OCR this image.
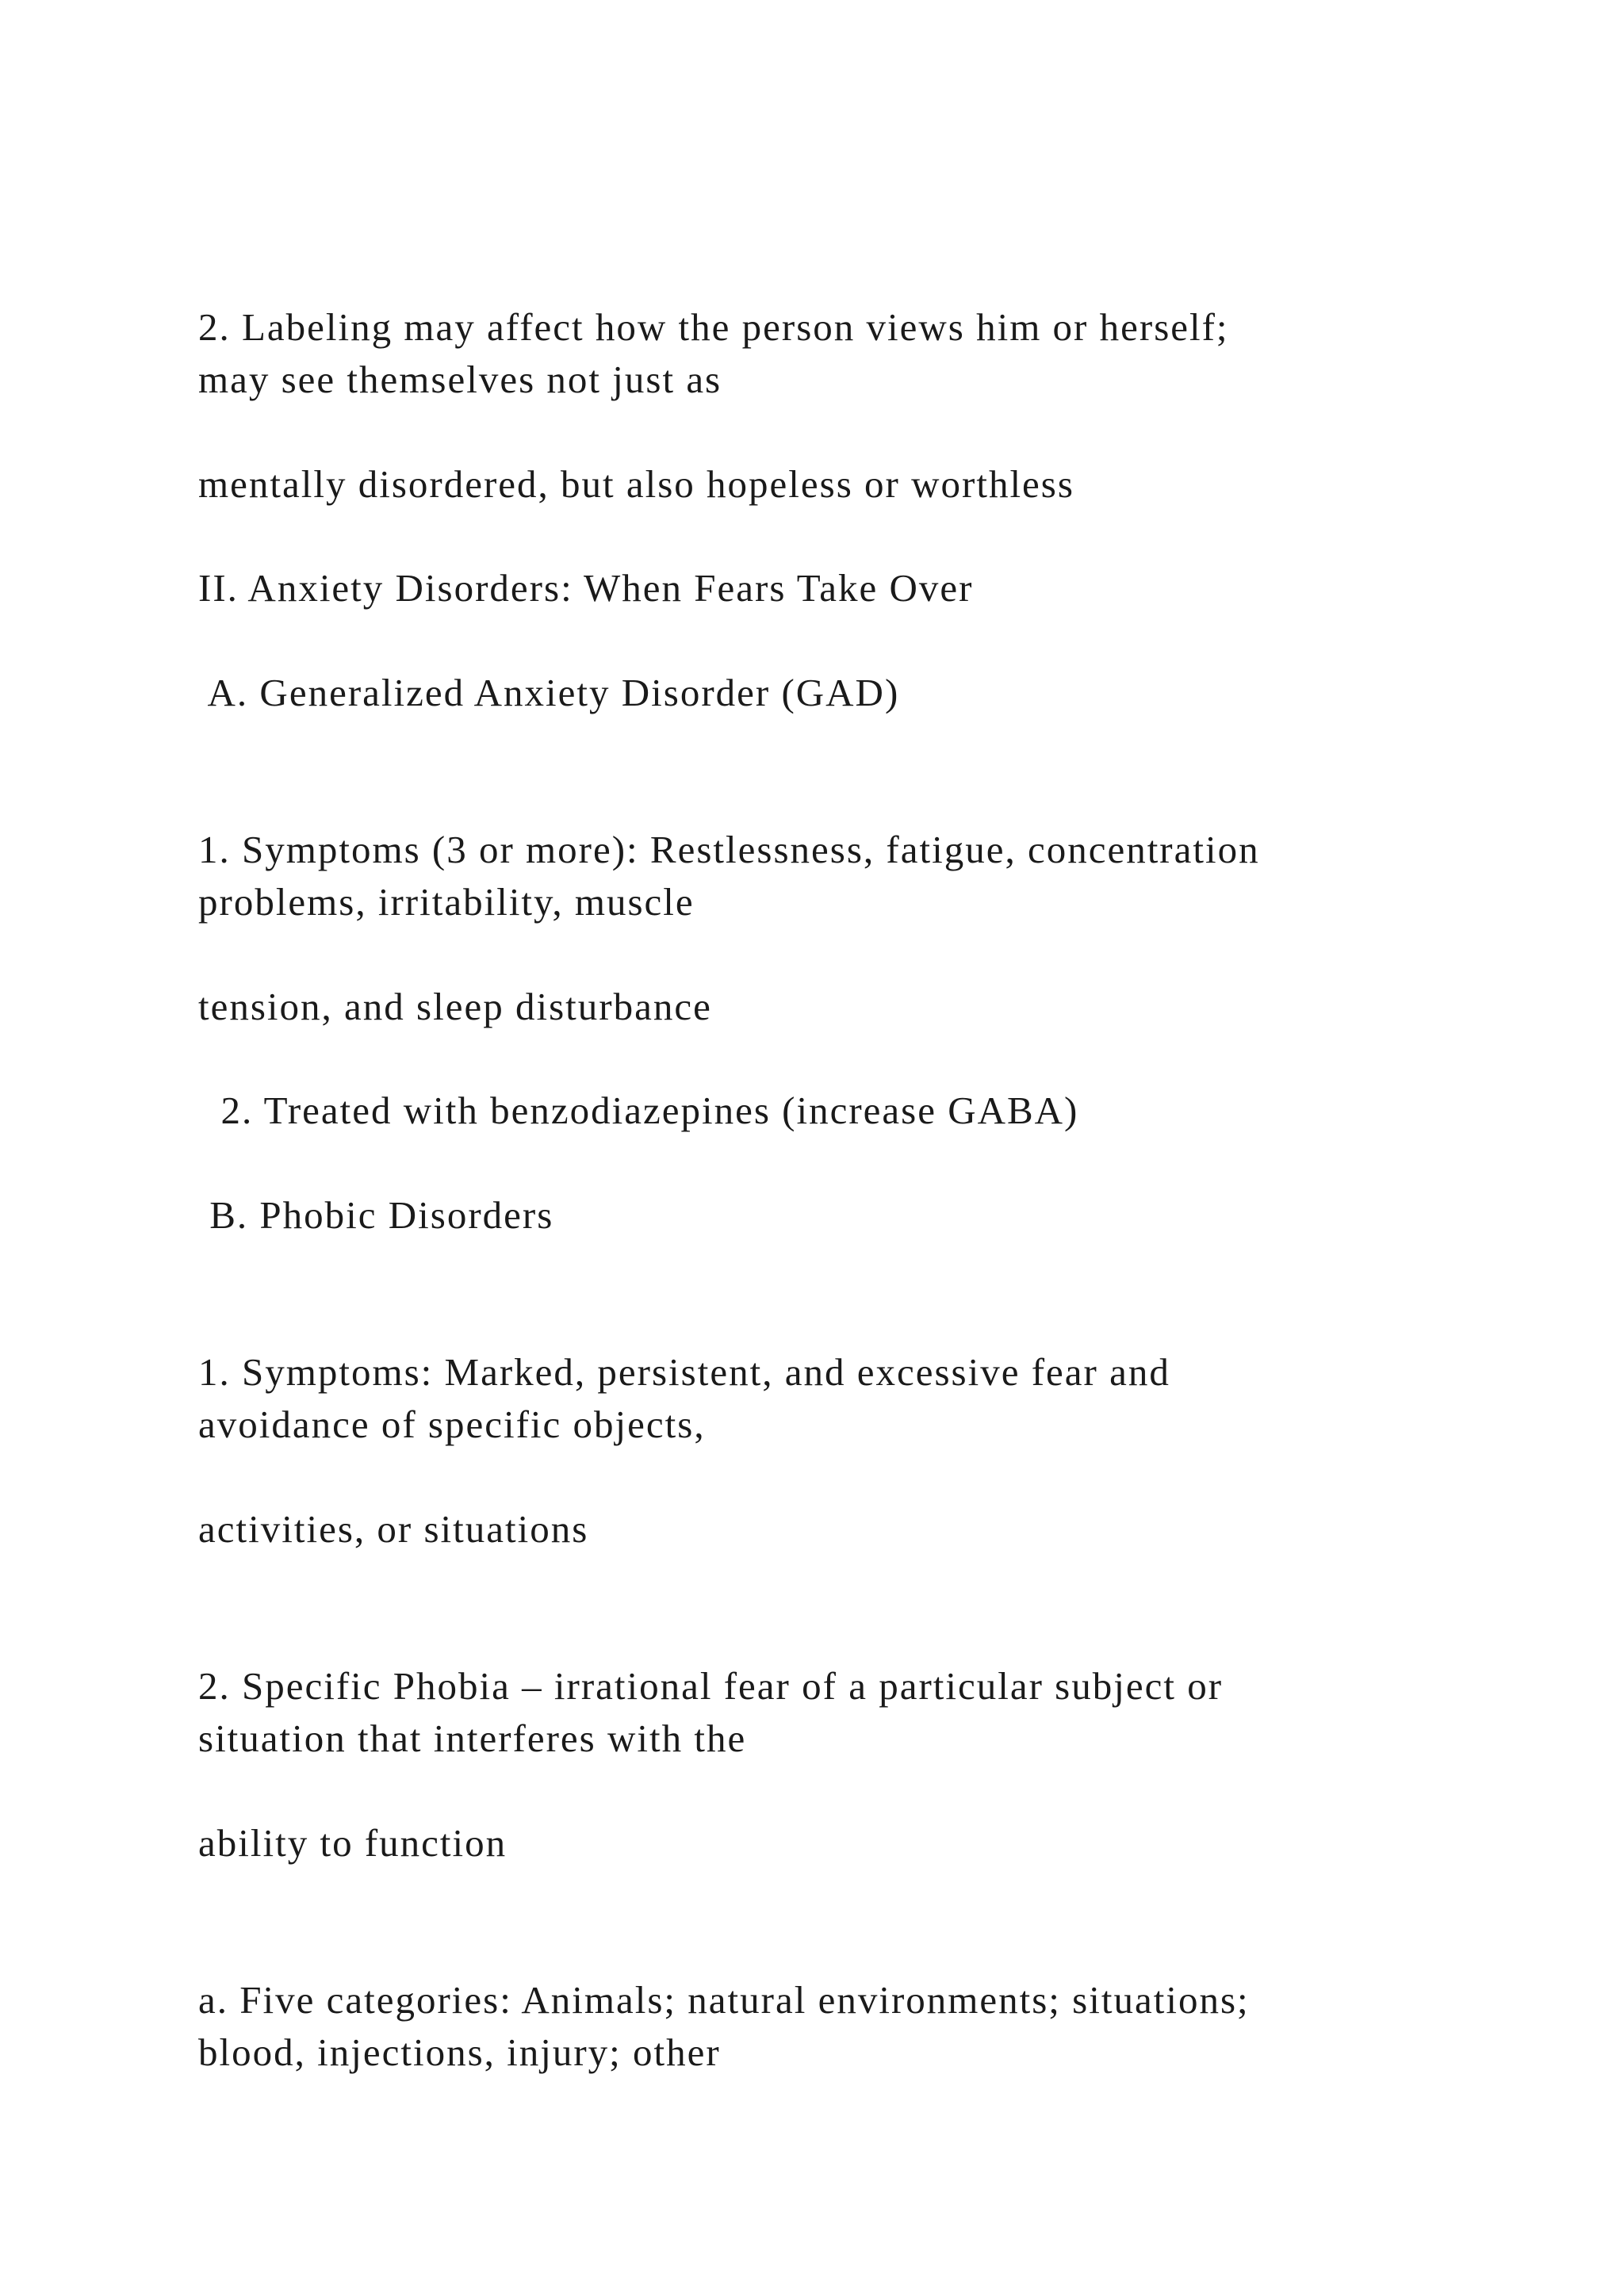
2. Labeling may affect how the person views him or herself;
may see themselves not just as
mentally disordered, but also hopeless or worthless
II. Anxiety Disorders: When Fears Take Over
A. Generalized Anxiety Disorder (GAD)
1. Symptoms (3 or more): Restlessness, fatigue, concentration
problems, irritability, muscle
tension, and sleep disturbance
2. Treated with benzodiazepines (increase GABA)
B. Phobic Disorders
1. Symptoms: Marked, persistent, and excessive fear and
avoidance of specific objects,
activities, or situations
2. Specific Phobia – irrational fear of a particular subject or
situation that interferes with the
ability to function
a. Five categories: Animals; natural environments; situations;
blood, injections, injury; other
